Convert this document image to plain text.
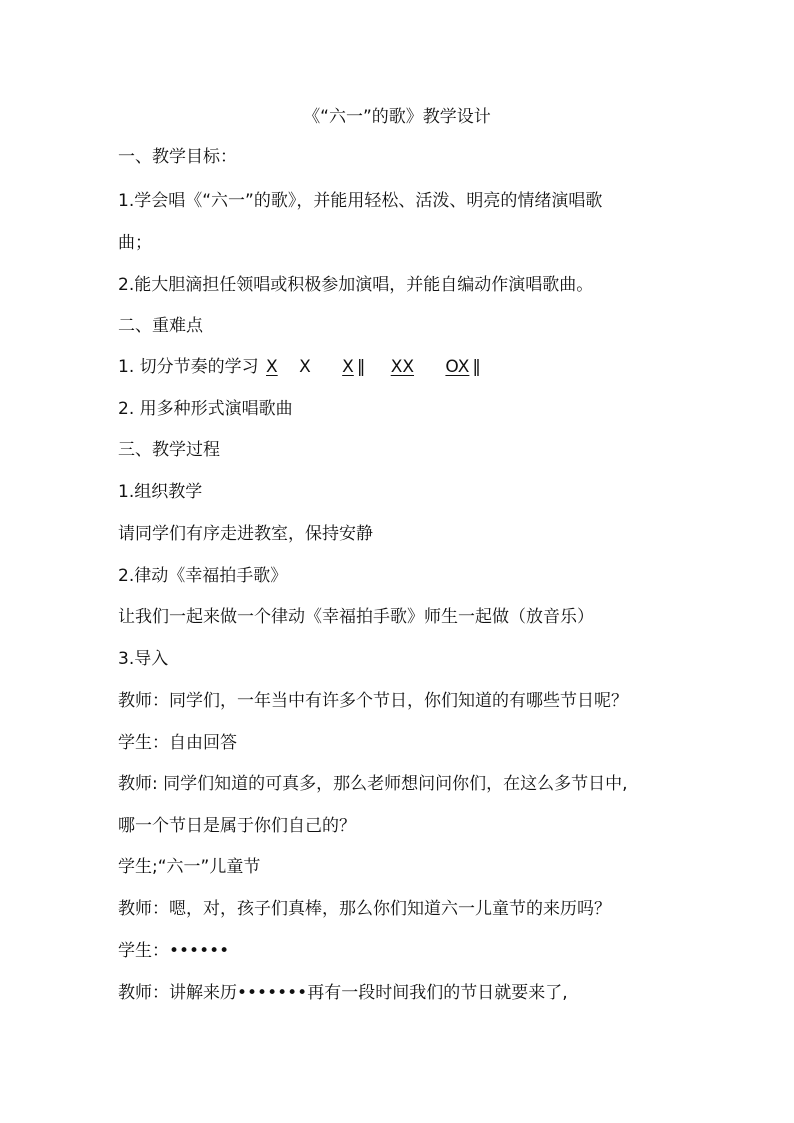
《“六一”的歌》教学设计
一、教学目标：
1.学会唱《“六一”的歌》，并能用轻松、活泼、明亮的情绪演唱歌
曲；
2.能大胆滴担任领唱或积极参加演唱，并能自编动作演唱歌曲。
二、重难点
1. 切分节奏的学习 X X X ‖ XX OX ‖
2. 用多种形式演唱歌曲
三、教学过程
1.组织教学
请同学们有序走进教室，保持安静
2.律动《幸福拍手歌》
让我们一起来做一个律动《幸福拍手歌》师生一起做（放音乐）
3.导入
教师：同学们，一年当中有许多个节日，你们知道的有哪些节日呢？
学生：自由回答
教师: 同学们知道的可真多，那么老师想问问你们，在这么多节日中,
哪一个节日是属于你们自己的？
学生;“六一”儿童节
教师：嗯，对，孩子们真棒，那么你们知道六一儿童节的来历吗？
学生：••••••
教师：讲解来历•••••••再有一段时间我们的节日就要来了,
